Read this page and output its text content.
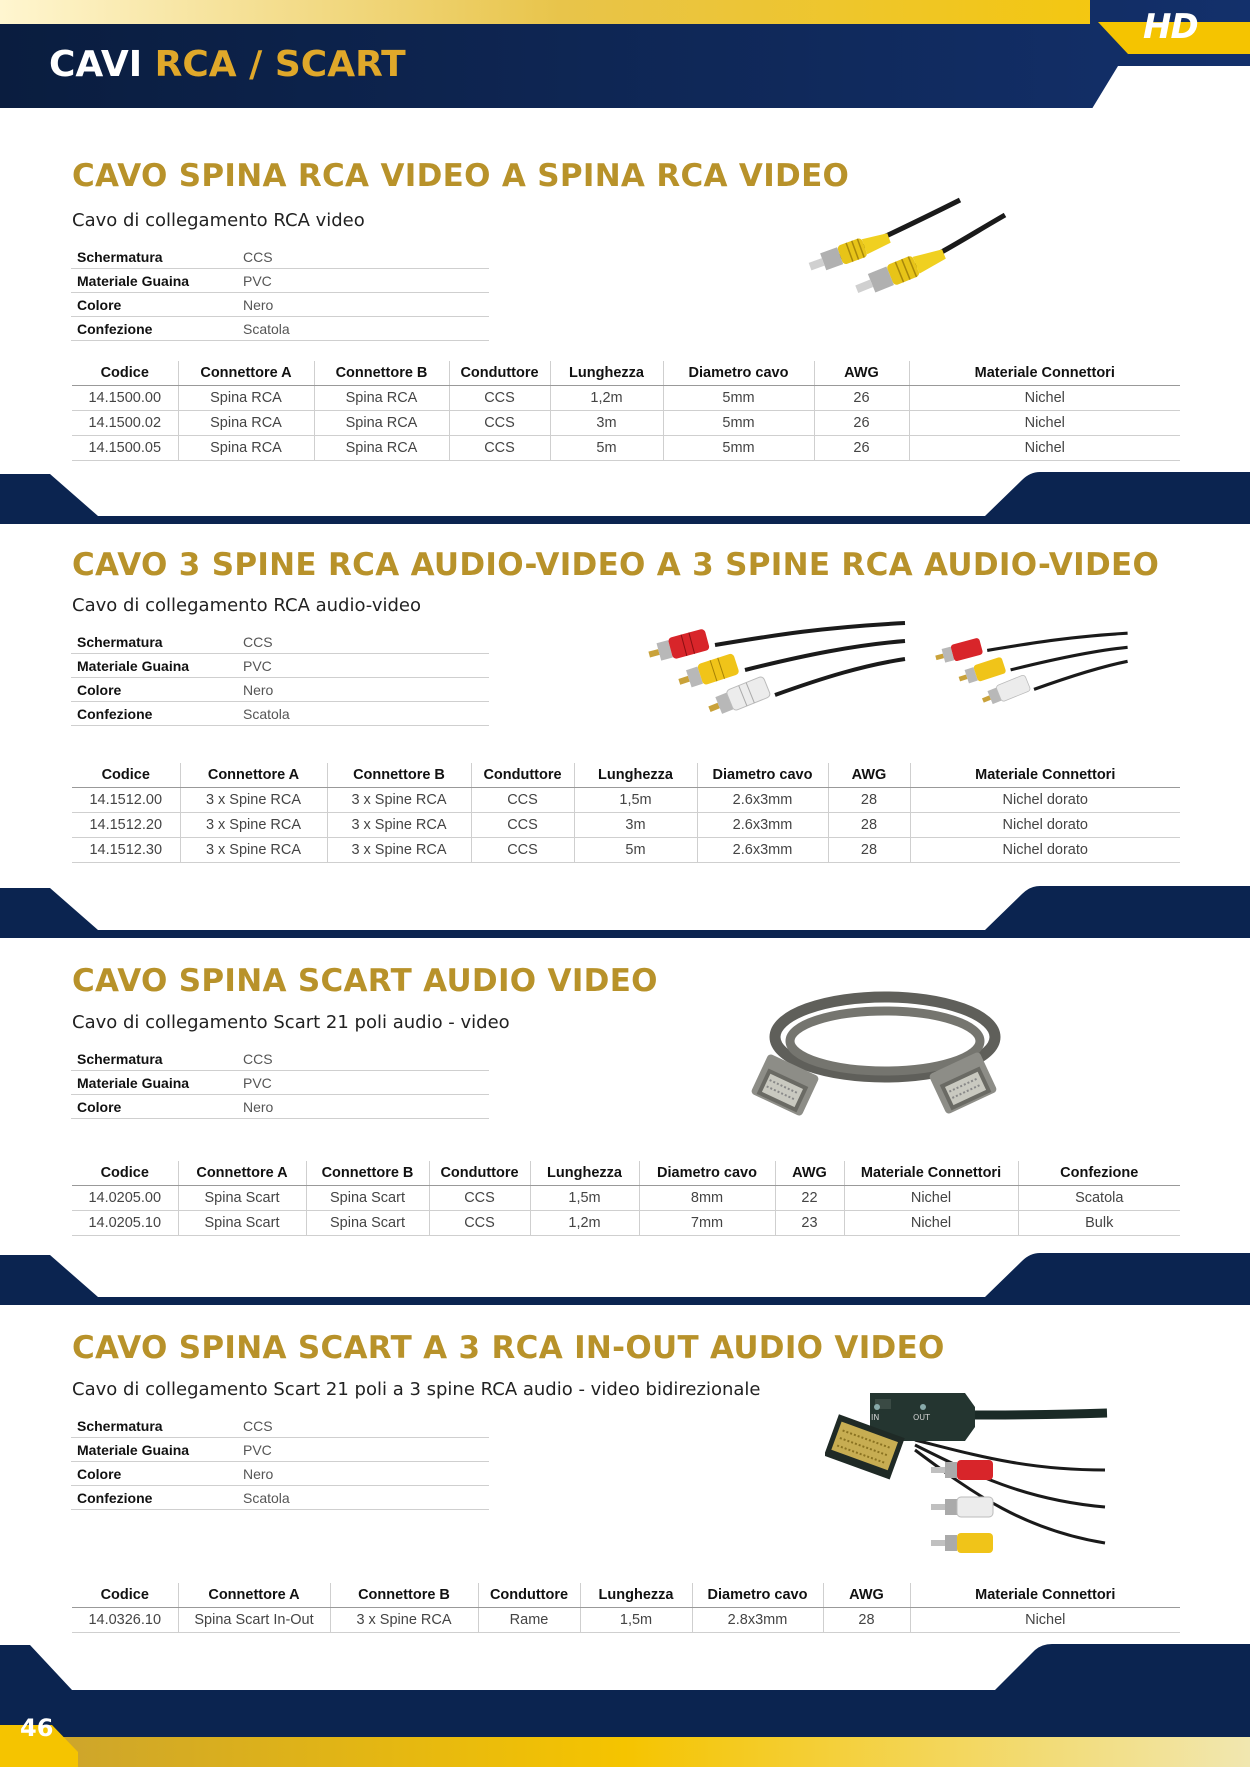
CAVI RCA / SCART
HD
CAVO SPINA RCA VIDEO A SPINA RCA VIDEO
Cavo di collegamento RCA video
Schermatura	CCS
Materiale Guaina	PVC
Colore	Nero
Confezione	Scatola
Codice	Connettore A	Connettore B	Conduttore	Lunghezza	Diametro cavo	AWG	Materiale Connettori
14.1500.00	Spina RCA	Spina RCA	CCS	1,2m	5mm	26	Nichel
14.1500.02	Spina RCA	Spina RCA	CCS	3m	5mm	26	Nichel
14.1500.05	Spina RCA	Spina RCA	CCS	5m	5mm	26	Nichel
CAVO 3 SPINE RCA AUDIO-VIDEO A 3 SPINE RCA AUDIO-VIDEO
Cavo di collegamento RCA audio-video
Schermatura	CCS
Materiale Guaina	PVC
Colore	Nero
Confezione	Scatola
Codice	Connettore A	Connettore B	Conduttore	Lunghezza	Diametro cavo	AWG	Materiale Connettori
14.1512.00	3 x Spine RCA	3 x Spine RCA	CCS	1,5m	2.6x3mm	28	Nichel dorato
14.1512.20	3 x Spine RCA	3 x Spine RCA	CCS	3m	2.6x3mm	28	Nichel dorato
14.1512.30	3 x Spine RCA	3 x Spine RCA	CCS	5m	2.6x3mm	28	Nichel dorato
CAVO SPINA SCART AUDIO VIDEO
Cavo di collegamento Scart 21 poli audio - video
Schermatura	CCS
Materiale Guaina	PVC
Colore	Nero
Codice	Connettore A	Connettore B	Conduttore	Lunghezza	Diametro cavo	AWG	Materiale Connettori	Confezione
14.0205.00	Spina Scart	Spina Scart	CCS	1,5m	8mm	22	Nichel	Scatola
14.0205.10	Spina Scart	Spina Scart	CCS	1,2m	7mm	23	Nichel	Bulk
CAVO SPINA SCART A 3 RCA IN-OUT AUDIO VIDEO
Cavo di collegamento Scart 21 poli a 3 spine RCA audio - video bidirezionale
Schermatura	CCS
Materiale Guaina	PVC
Colore	Nero
Confezione	Scatola
IN	OUT
Codice	Connettore A	Connettore B	Conduttore	Lunghezza	Diametro cavo	AWG	Materiale Connettori
14.0326.10	Spina Scart In-Out	3 x Spine RCA	Rame	1,5m	2.8x3mm	28	Nichel
46
